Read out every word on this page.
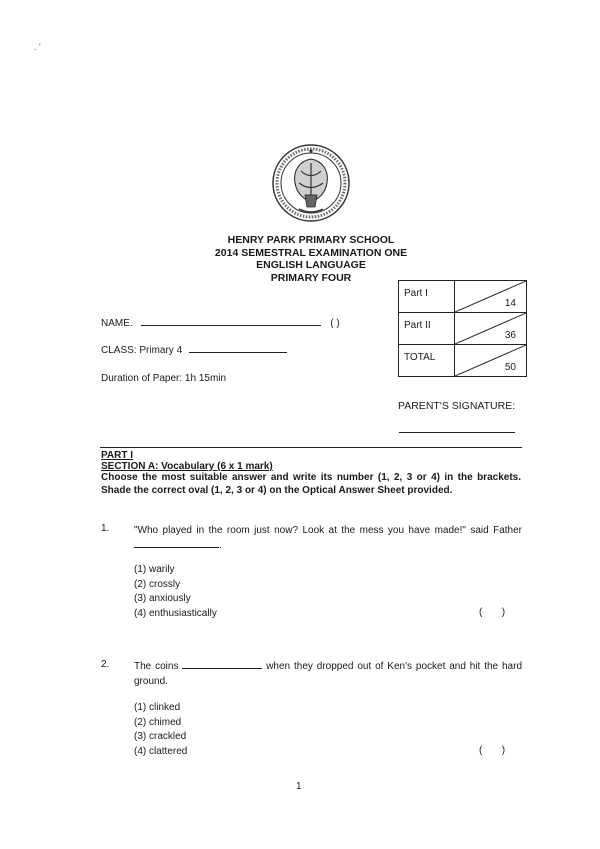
. '
HENRY PARK PRIMARY SCHOOL
2014 SEMESTRAL EXAMINATION ONE
ENGLISH LANGUAGE
PRIMARY FOUR
Part I	14

Part II	36

TOTAL	50
NAME.	( )
CLASS: Primary 4
Duration of Paper: 1h 15min
PARENT'S SIGNATURE:
PART I
SECTION A: Vocabulary (6 x 1 mark)
Choose the most suitable answer and write its number (1, 2, 3 or 4) in the brackets. Shade the correct oval (1, 2, 3 or 4) on the Optical Answer Sheet provided.
1. "Who played in the room just now? Look at the mess you have made!" said Father .
(1) warily
(2) crossly
(3) anxiously
(4) enthusiastically	(       )
2. The coins	when they dropped out of Ken's pocket and hit the hard ground.
(1) clinked
(2) chimed
(3) crackled
(4) clattered	(       )
1
